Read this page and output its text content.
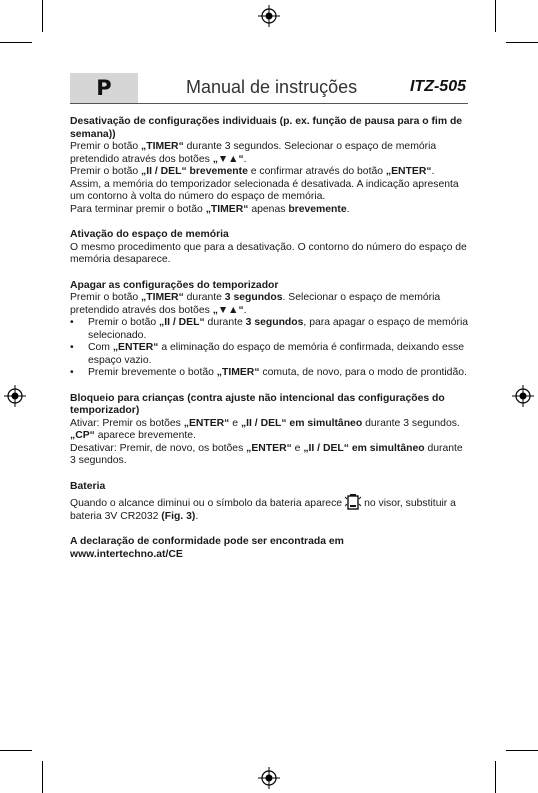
P	Manual de instruções	ITZ-505

Desativação de configurações individuais (p. ex. função de pausa para o fim de semana))

Premir o botão „TIMER“ durante 3 segundos. Selecionar o espaço de memória pretendido através dos botões „▼▲“.

Premir o botão „II / DEL“ brevemente e confirmar através do botão „ENTER“.

Assim, a memória do temporizador selecionada é desativada. A indicação apresenta um contorno à volta do número do espaço de memória.

Para terminar premir o botão „TIMER“ apenas brevemente.

Ativação do espaço de memória

O mesmo procedimento que para a desativação. O contorno do número do espaço de memória desaparece.

Apagar as configurações do temporizador

Premir o botão „TIMER“ durante 3 segundos. Selecionar o espaço de memória pretendido através dos botões „▼▲“.

• Premir o botão „II / DEL“ durante 3 segundos, para apagar o espaço de memória selecionado.

• Com „ENTER“ a eliminação do espaço de memória é confirmada, deixando esse espaço vazio.

• Premir brevemente o botão „TIMER“ comuta, de novo, para o modo de prontidão.

Bloqueio para crianças (contra ajuste não intencional das configurações do temporizador)

Ativar: Premir os botões „ENTER“ e „II / DEL“ em simultâneo durante 3 segundos. „CP“ aparece brevemente.

Desativar: Premir, de novo, os botões „ENTER“ e „II / DEL“ em simultâneo durante 3 segundos.

Bateria

Quando o alcance diminui ou o símbolo da bateria aparece no visor, substituir a bateria 3V CR2032 (Fig. 3).

A declaração de conformidade pode ser encontrada em

www.intertechno.at/CE
